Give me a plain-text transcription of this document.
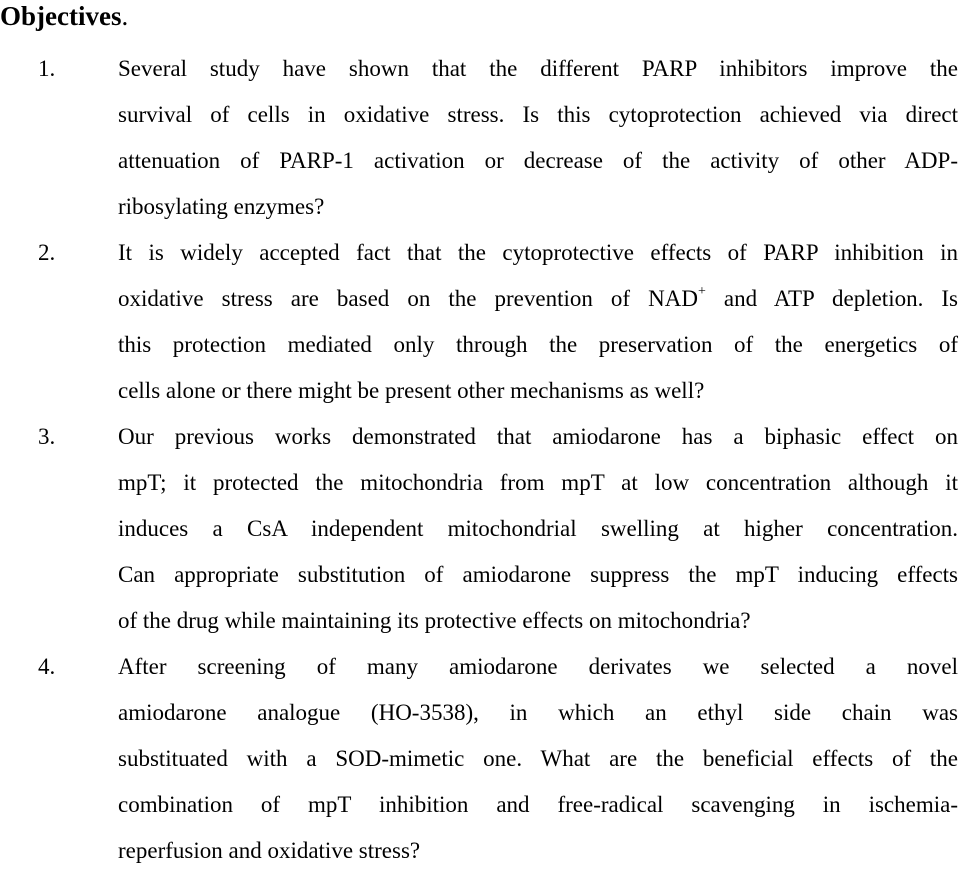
Objectives.
1.	Several study have shown that the different PARP inhibitors improve the
survival of cells in oxidative stress. Is this cytoprotection achieved via direct
attenuation of PARP-1 activation or decrease of the activity of other ADP-
ribosylating enzymes?
2.	It is widely accepted fact that the cytoprotective effects of PARP inhibition in
oxidative stress are based on the prevention of NAD+ and ATP depletion. Is
this protection mediated only through the preservation of the energetics of
cells alone or there might be present other mechanisms as well?
3.	Our previous works demonstrated that amiodarone has a biphasic effect on
mpT; it protected the mitochondria from mpT at low concentration although it
induces a CsA independent mitochondrial swelling at higher concentration.
Can appropriate substitution of amiodarone suppress the mpT inducing effects
of the drug while maintaining its protective effects on mitochondria?
4.	After screening of many amiodarone derivates we selected a novel
amiodarone analogue (HO-3538), in which an ethyl side chain was
substituated with a SOD-mimetic one. What are the beneficial effects of the
combination of mpT inhibition and free-radical scavenging in ischemia-
reperfusion and oxidative stress?
